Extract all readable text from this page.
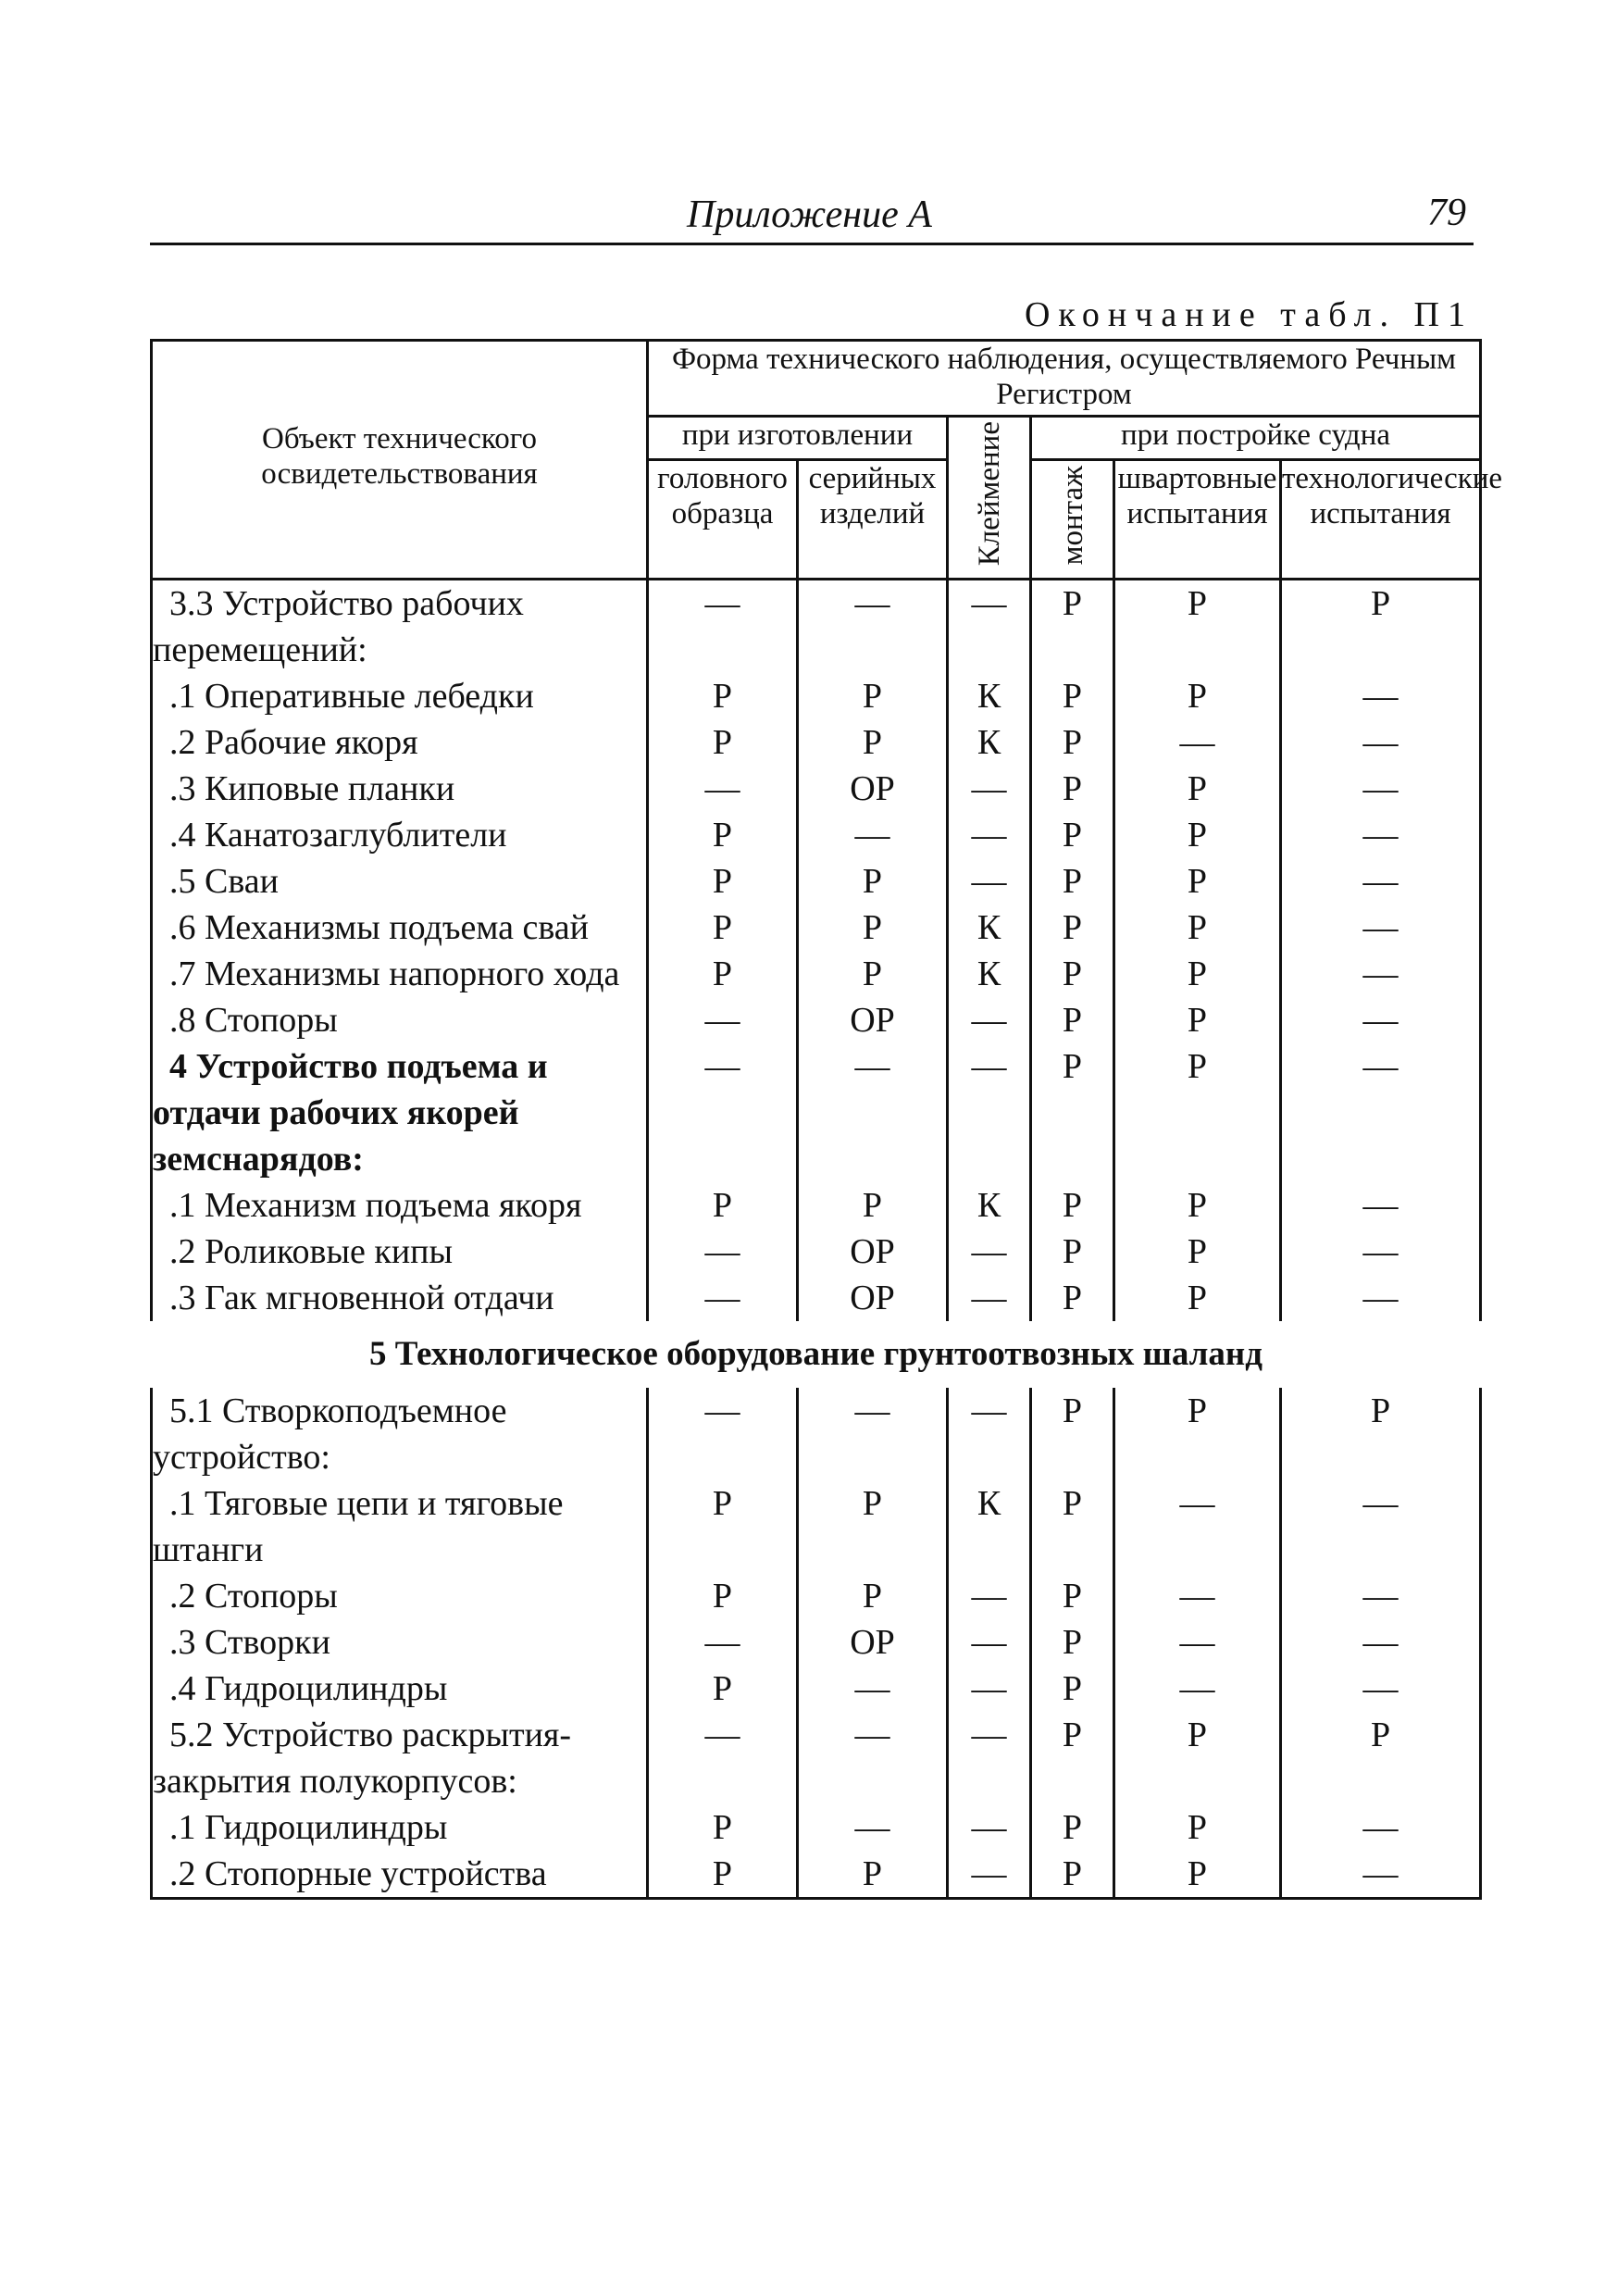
Приложение А	79
Окончание табл. П1
Объект технического освидетельствования	Форма технического наблюдения, осуществляемого Речным Регистром					
	при изготовлении		Клеймение	при постройке судна		
	головного образца	серийных изделий		монтаж	швартовные испытания	технологические испытания
3.3 Устройство рабочих перемещений:	—	—	—	Р	Р	Р
.1 Оперативные лебедки	Р	Р	К	Р	Р	—
.2 Рабочие якоря	Р	Р	К	Р	—	—
.3 Киповые планки	—	ОР	—	Р	Р	—
.4 Канатозаглублители	Р	—	—	Р	Р	—
.5 Сваи	Р	Р	—	Р	Р	—
.6 Механизмы подъема свай	Р	Р	К	Р	Р	—
.7 Механизмы напорного хода	Р	Р	К	Р	Р	—
.8 Стопоры	—	ОР	—	Р	Р	—
4 Устройство подъема и отдачи рабочих якорей земснарядов:	—	—	—	Р	Р	—
.1 Механизм подъема якоря	Р	Р	К	Р	Р	—
.2 Роликовые кипы	—	ОР	—	Р	Р	—
.3 Гак мгновенной отдачи	—	ОР	—	Р	Р	—
5 Технологическое оборудование грунтоотвозных шаланд						
5.1 Створкоподъемное устройство:	—	—	—	Р	Р	Р
.1 Тяговые цепи и тяговые штанги	Р	Р	К	Р	—	—
.2 Стопоры	Р	Р	—	Р	—	—
.3 Створки	—	ОР	—	Р	—	—
.4 Гидроцилиндры	Р	—	—	Р	—	—
5.2 Устройство раскрытия-закрытия полукорпусов:	—	—	—	Р	Р	Р
.1 Гидроцилиндры	Р	—	—	Р	Р	—
.2 Стопорные устройства	Р	Р	—	Р	Р	—
